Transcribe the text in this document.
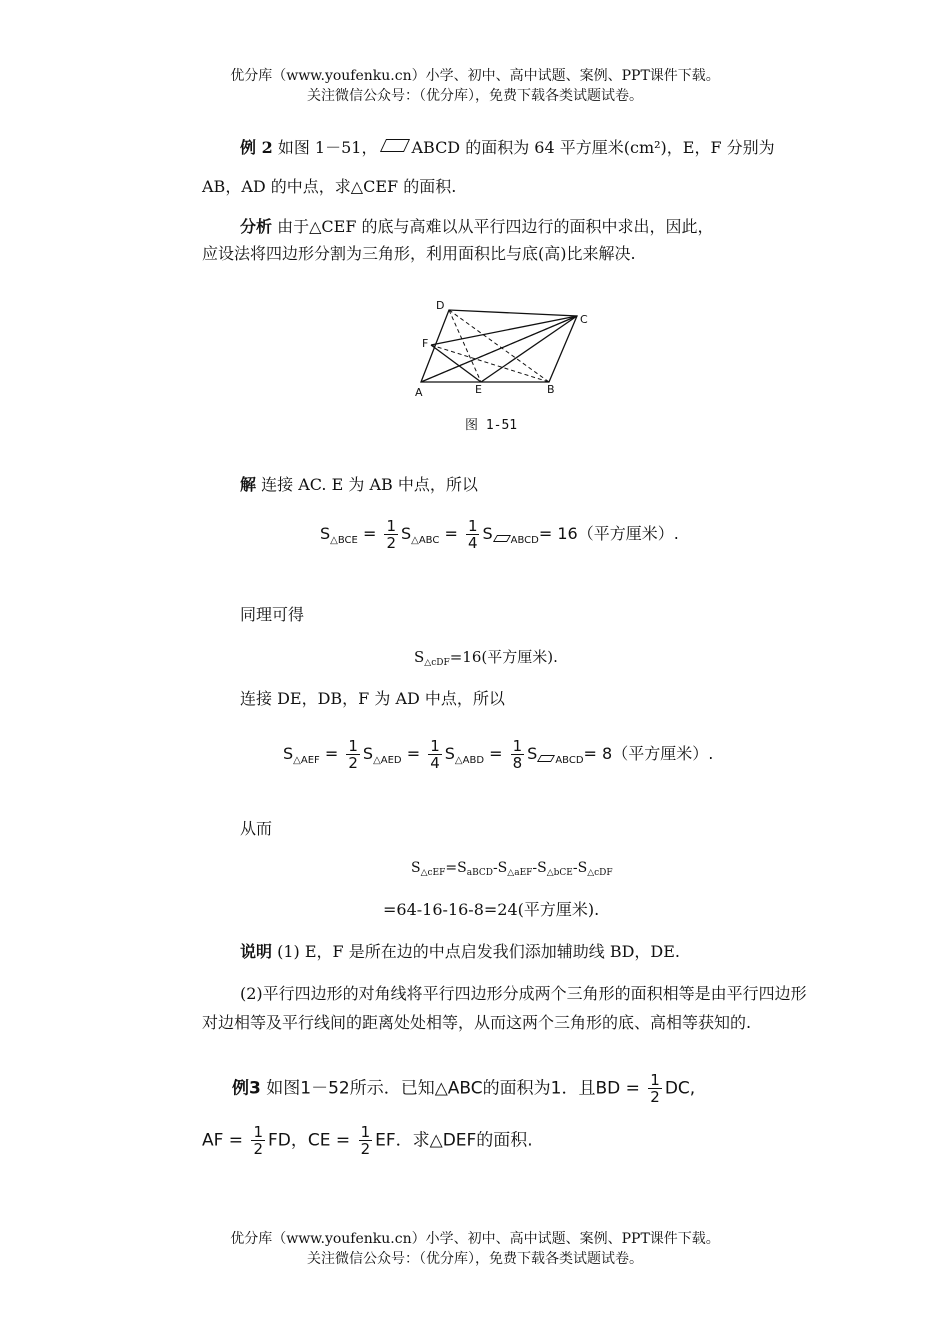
优分库（www.youfenku.cn）小学、初中、高中试题、案例、PPT课件下载。
关注微信公众号：（优分库），免费下载各类试题试卷。
例 2 如图 1－51， ABCD 的面积为 64 平方厘米(cm²)，E，F 分别为
AB，AD 的中点，求△CEF 的面积.
分析 由于△CEF 的底与高难以从平行四边行的面积中求出，因此，
应设法将四边形分割为三角形，利用面积比与底(高)比来解决.
D
C
F
A	E	B
图 1-51
解 连接 AC. E 为 AB 中点，所以
$S_{\triangle BCE} = \frac{1}{2} S_{\triangle ABC} = \frac{1}{4}$ S $_{ABCD}$= 16（平方厘米）.
同理可得
$S_{\triangle cDF}=16$(平方厘米).
连接 DE，DB，F 为 AD 中点，所以
$S_{\triangle AEF} = \frac{1}{2} S_{\triangle AED} = \frac{1}{4} S_{\triangle ABD} = \frac{1}{8}$ S $_{ABCD}$= 8（平方厘米）.
从而
$S_{\triangle cEF}=S_{aBCD}-S_{\triangle aEF}-S_{\triangle bCE}-S_{\triangle cDF}$
=64-16-16-8=24(平方厘米).
说明 (1) E，F 是所在边的中点启发我们添加辅助线 BD，DE.
(2)平行四边形的对角线将平行四边形分成两个三角形的面积相等是由平行四边形对边相等及平行线间的距离处处相等，从而这两个三角形的底、高相等获知的.
例3 如图1－52所示．已知△ABC的面积为1．且BD = $\frac{1}{2}$ DC,
AF = $\frac{1}{2}$ FD，CE = $\frac{1}{2}$ EF．求△DEF的面积.
优分库（www.youfenku.cn）小学、初中、高中试题、案例、PPT课件下载。
关注微信公众号：（优分库），免费下载各类试题试卷。
